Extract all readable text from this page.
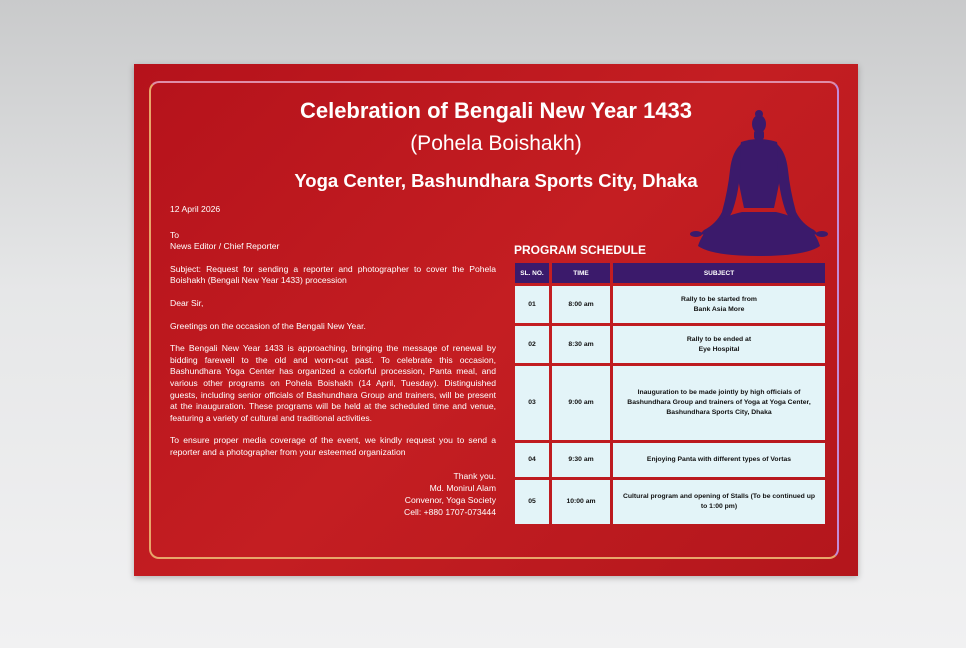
Celebration of Bengali New Year 1433
(Pohela Boishakh)
Yoga Center, Bashundhara Sports City, Dhaka

12 April 2026

To
News Editor / Chief Reporter

Subject: Request for sending a reporter and photographer to cover the Pohela Boishakh (Bengali New Year 1433) procession

Dear Sir,

Greetings on the occasion of the Bengali New Year.

The Bengali New Year 1433 is approaching, bringing the message of renewal by bidding farewell to the old and worn-out past. To celebrate this occasion, Bashundhara Yoga Center has organized a colorful procession, Panta meal, and various other programs on Pohela Boishakh (14 April, Tuesday). Distinguished guests, including senior officials of Bashundhara Group and trainers, will be present at the inauguration. These programs will be held at the scheduled time and venue, featuring a variety of cultural and traditional activities.

To ensure proper media coverage of the event, we kindly request you to send a reporter and a photographer from your esteemed organization

Thank you.
Md. Monirul Alam
Convenor, Yoga Society
Cell: +880 1707-073444
PROGRAM SCHEDULE
SL. NO.	TIME	SUBJECT
01	8:00 am	Rally to be started from
Bank Asia More
02	8:30 am	Rally to be ended at
Eye Hospital
03	9:00 am	Inauguration to be made jointly by high officials of Bashundhara Group and trainers of Yoga at Yoga Center, Bashundhara Sports City, Dhaka
04	9:30 am	Enjoying Panta with different types of Vortas
05	10:00 am	Cultural program and opening of Stalls (To be continued up to 1:00 pm)
